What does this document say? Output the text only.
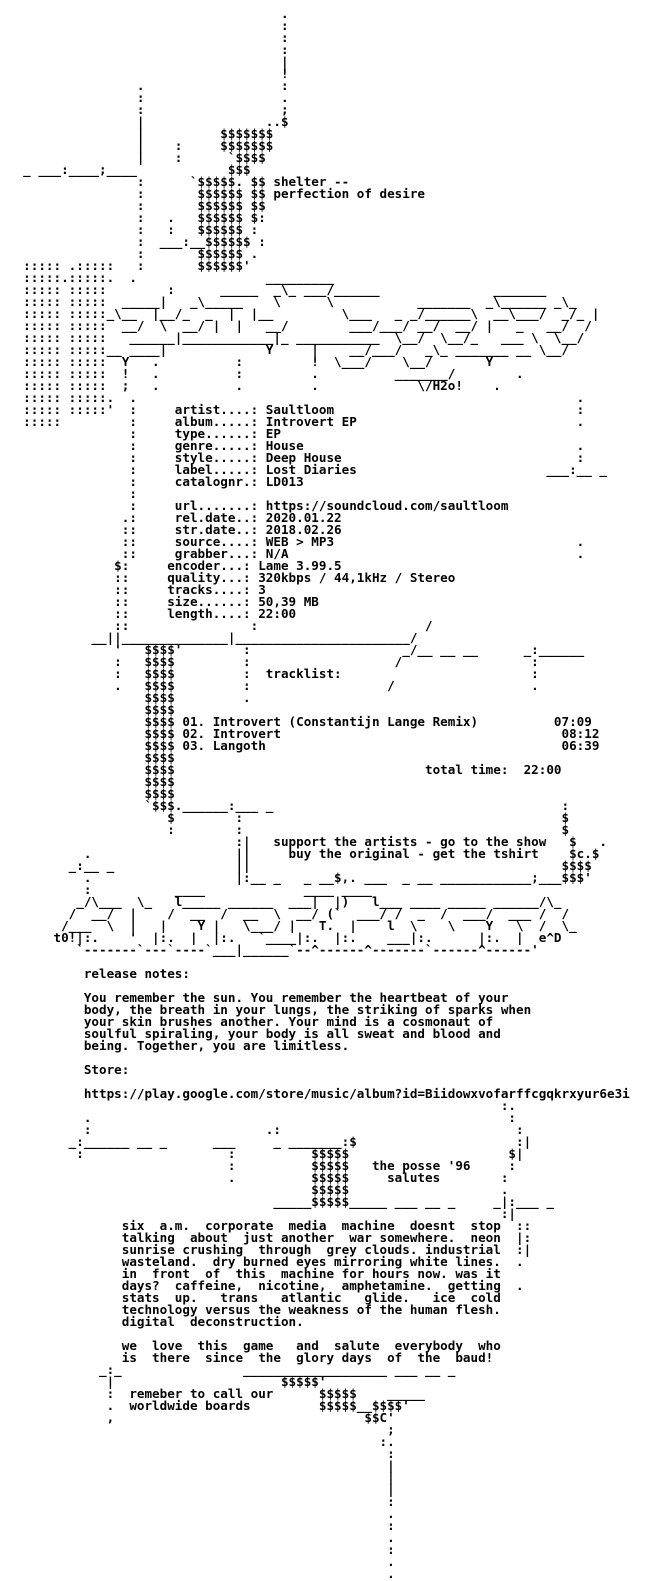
.
:
:
:
|
!
.                  :
:                  .
:                  ;
|                ..$
|          $$$$$$$
|    :     $$$$$$$
|    :      `$$$$
_ ___:____;____            $$$
:      `$$$$$. $$ shelter --
:       $$$$$$ $$ perfection of desire
:       $$$$$$ $$
:   .   $$$$$$ $:
:   :   $$$$$$ :
:  ___:__$$$$$$ :
:       $$$$$$ .
::::: .:::::   :       $$$$$$'
:::::.:::::.  .                 _________
::::: :::::        :      _____  _\_ ___/______               _______
::::: :::::  _____|   _\_____    \      \           _______  _\______ _\_
::::: :::::_\__  |__/_  _  |  |__         \___   _ _/______\  __\___/  _/_ |
::::: :::::  __/  \  __/ |  |   __/        ___/___/ __/  __/ |   _   __/  /
::::: :::::   ______|____________|_ ___________  \__/  \__/_   ___ \  \__/
::::: :::::__ ____|             Y     |    __/___/   _\_ _______ __ \__/
::::: :::::  Y   .          :         !  \___/    \__/       Y
::::: :::::  !   .          :         .          _______/        .
::::: :::::  ;   .          .         .             \/H2o!    .
::::: :::::.  .                                                          .
::::: :::::'  :     artist....: Saultloom                                :
:::::         :     album.....: Introvert EP                             .
:     type......: EP
:     genre.....: House                                    .
:     style.....: Deep House                               :
:     label.....: Lost Diaries                         ___:__ _
:     catalognr.: LD013
:
:     url.......: https://soundcloud.com/saultloom
.:     rel.date..: 2020.01.22
::     str.date..: 2018.02.26
::     source....: WEB > MP3                                .
::     grabber...: N/A                                      .
$:     encoder...: Lame 3.99.5
::     quality...: 320kbps / 44,1kHz / Stereo
::     tracks....: 3
::     size......: 50,39 MB
::     length....: 22:00
::                :                      /
__||______________|_______________________/
'   $$$$'        :                    _/__ __ __      _:______
:   $$$$         :                   /                 :
:   $$$$         :  tracklist:                         :
.   $$$$         :                  /                  .
$$$$         .
$$$$
$$$$ 01. Introvert (Constantijn Lange Remix)          07:09
$$$$ 02. Introvert                                     08:12
$$$$ 03. Langoth                                       06:39
$$$$
$$$$                                 total time:  22:00
$$$$
$$$$
`$$$.______:___ _                                      :
$        :                                          $
:        :                                          $
:|   support the artists - go to the show   $   .
.                   ||     buy the original - get the tshirt    $c.$
_:__ _                ||                                         $$$$
.                   |:__ _   _ __$,. ___  _ __ ____________;___$$$'
:           ____             ____ ____
_/\___  \_   l_____ ______  ___|  |)   l___ ____ _____ ______/\_
/  __/  |    /  __  /  __  \  __/ (`  ___/ /  _  /  ___/  ___ /  /
/___  \  |   |    Y |   \___/ |   T.  |    l  \    \    Y   \  /  \_
t0!|:.    '  |:.  |  |:.   `____|:.  |:.    ___|:.      |:.  |  e^D
`-------`---`----`___|______`--^------^-------`------^------'
release notes:
You remember the sun. You remember the heartbeat of your
body, the breath in your lungs, the striking of sparks when
your skin brushes another. Your mind is a cosmonaut of
soulful spiraling, your body is all sweat and blood and
being. Together, you are limitless.
Store:
https://play.google.com/store/music/album?id=Biidowxvofarffcgqkrxyur6e3i
:.
.                                                       :
:                       .:                               :
_:______ __ _      ___     _ _______:$                     :|
:                   :          $$$$$                     $|
:          $$$$$   the posse '96     :
.          $$$$$     salutes        :
$$$$$                    .
_____$$$$$_____ ___ __ _     _|:___ _
:|
six  a.m.  corporate  media  machine  doesnt  stop  ::
talking  about  just another  war somewhere.  neon  |:
sunrise crushing  through  grey clouds. industrial  :|
wasteland.  dry burned eyes mirroring white lines.  .
in  front  of  this  machine for hours now. was it
days?  caffeine,  nicotine,  amphetamine.  getting  .
stats  up.   trans   atlantic   glide.   ice  cold
technology versus the weakness of the human flesh.
digital  deconstruction.
we  love  this  game   and  salute  everybody  who
is  there  since  the  glory days  of  the  baud!
_:_                ___________________ ___ __ _
|                      $$$$$'
:  remeber to call our      $$$$$    _____
.  worldwide boards         $$$$$__$$$$'
,                                 $$C'
;
:.
:
|
|
|
:
.
:
.
:
.
.
